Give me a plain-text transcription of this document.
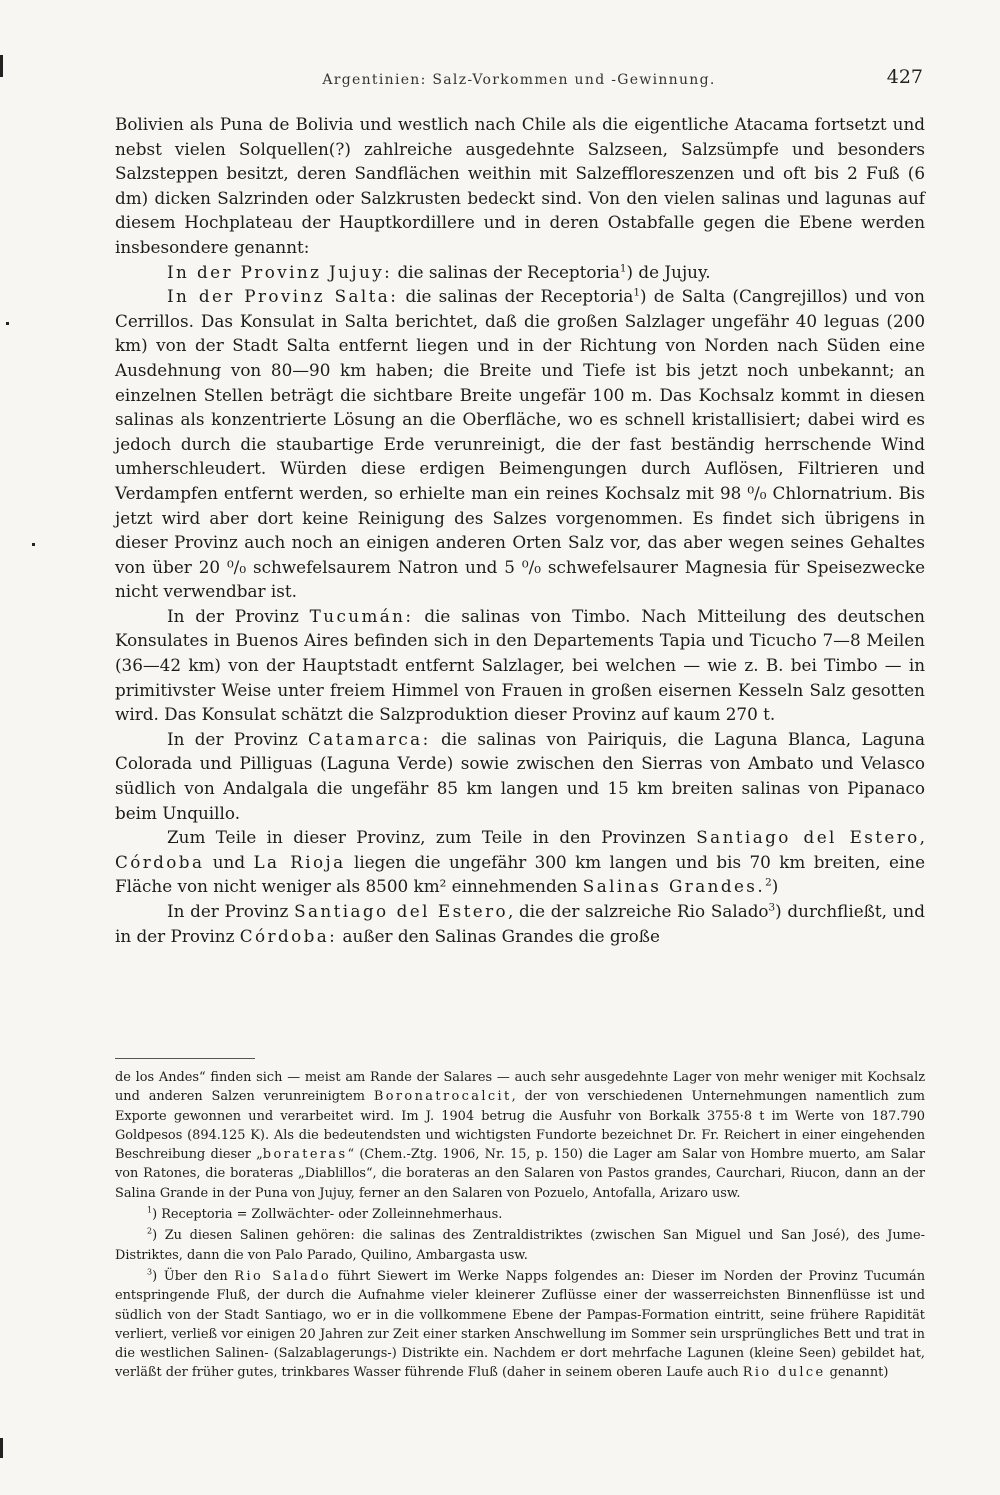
Argentinien: Salz-Vorkommen und -Gewinnung.	427

Bolivien als Puna de Bolivia und westlich nach Chile als die eigentliche Atacama fortsetzt und nebst vielen Solquellen(?) zahlreiche ausgedehnte Salzseen, Salzsümpfe und besonders Salzsteppen besitzt, deren Sandflächen weithin mit Salzeffloreszenzen und oft bis 2 Fuß (6 dm) dicken Salzrinden oder Salzkrusten bedeckt sind. Von den vielen salinas und lagunas auf diesem Hochplateau der Hauptkordillere und in deren Ostabfalle gegen die Ebene werden insbesondere genannt:

In der Provinz Jujuy: die salinas der Receptoria$^1$) de Jujuy.

In der Provinz Salta: die salinas der Receptoria$^1$) de Salta (Cangrejillos) und von Cerrillos. Das Konsulat in Salta berichtet, daß die großen Salzlager ungefähr 40 leguas (200 km) von der Stadt Salta entfernt liegen und in der Richtung von Norden nach Süden eine Ausdehnung von 80—90 km haben; die Breite und Tiefe ist bis jetzt noch unbekannt; an einzelnen Stellen beträgt die sichtbare Breite ungefär 100 m. Das Kochsalz kommt in diesen salinas als konzentrierte Lösung an die Oberfläche, wo es schnell kristallisiert; dabei wird es jedoch durch die staubartige Erde verunreinigt, die der fast beständig herrschende Wind umherschleudert. Würden diese erdigen Beimengungen durch Auflösen, Filtrieren und Verdampfen entfernt werden, so erhielte man ein reines Kochsalz mit 98 ⁰/₀ Chlornatrium. Bis jetzt wird aber dort keine Reinigung des Salzes vorgenommen. Es findet sich übrigens in dieser Provinz auch noch an einigen anderen Orten Salz vor, das aber wegen seines Gehaltes von über 20 ⁰/₀ schwefelsaurem Natron und 5 ⁰/₀ schwefelsaurer Magnesia für Speisezwecke nicht verwendbar ist.

In der Provinz Tucumán: die salinas von Timbo. Nach Mitteilung des deutschen Konsulates in Buenos Aires befinden sich in den Departements Tapia und Ticucho 7—8 Meilen (36—42 km) von der Hauptstadt entfernt Salzlager, bei welchen — wie z. B. bei Timbo — in primitivster Weise unter freiem Himmel von Frauen in großen eisernen Kesseln Salz gesotten wird. Das Konsulat schätzt die Salzproduktion dieser Provinz auf kaum 270 t.

In der Provinz Catamarca: die salinas von Pairiquis, die Laguna Blanca, Laguna Colorada und Pilliguas (Laguna Verde) sowie zwischen den Sierras von Ambato und Velasco südlich von Andalgala die ungefähr 85 km langen und 15 km breiten salinas von Pipanaco beim Unquillo.

Zum Teile in dieser Provinz, zum Teile in den Provinzen Santiago del Estero, Córdoba und La Rioja liegen die ungefähr 300 km langen und bis 70 km breiten, eine Fläche von nicht weniger als 8500 km² einnehmenden Salinas Grandes.$^2$)

In der Provinz Santiago del Estero, die der salzreiche Rio Salado$^3$) durchfließt, und in der Provinz Córdoba: außer den Salinas Grandes die große

de los Andes“ finden sich — meist am Rande der Salares — auch sehr ausgedehnte Lager von mehr weniger mit Kochsalz und anderen Salzen verunreinigtem Boronatrocalcit, der von verschiedenen Unternehmungen namentlich zum Exporte gewonnen und verarbeitet wird. Im J. 1904 betrug die Ausfuhr von Borkalk 3755·8 t im Werte von 187.790 Goldpesos (894.125 K). Als die bedeutendsten und wichtigsten Fundorte bezeichnet Dr. Fr. Reichert in einer eingehenden Beschreibung dieser „borateras“ (Chem.-Ztg. 1906, Nr. 15, p. 150) die Lager am Salar von Hombre muerto, am Salar von Ratones, die borateras „Diablillos“, die borateras an den Salaren von Pastos grandes, Caurchari, Riucon, dann an der Salina Grande in der Puna von Jujuy, ferner an den Salaren von Pozuelo, Antofalla, Arizaro usw.

$^1$) Receptoria = Zollwächter- oder Zolleinnehmerhaus.

$^2$) Zu diesen Salinen gehören: die salinas des Zentraldistriktes (zwischen San Miguel und San José), des Jume-Distriktes, dann die von Palo Parado, Quilino, Ambargasta usw.

$^3$) Über den Rio Salado führt Siewert im Werke Napps folgendes an: Dieser im Norden der Provinz Tucumán entspringende Fluß, der durch die Aufnahme vieler kleinerer Zuflüsse einer der wasserreichsten Binnenflüsse ist und südlich von der Stadt Santiago, wo er in die vollkommene Ebene der Pampas-Formation eintritt, seine frühere Rapidität verliert, verließ vor einigen 20 Jahren zur Zeit einer starken Anschwellung im Sommer sein ursprüngliches Bett und trat in die westlichen Salinen- (Salzablagerungs-) Distrikte ein. Nachdem er dort mehrfache Lagunen (kleine Seen) gebildet hat, verläßt der früher gutes, trinkbares Wasser führende Fluß (daher in seinem oberen Laufe auch Rio dulce genannt)
